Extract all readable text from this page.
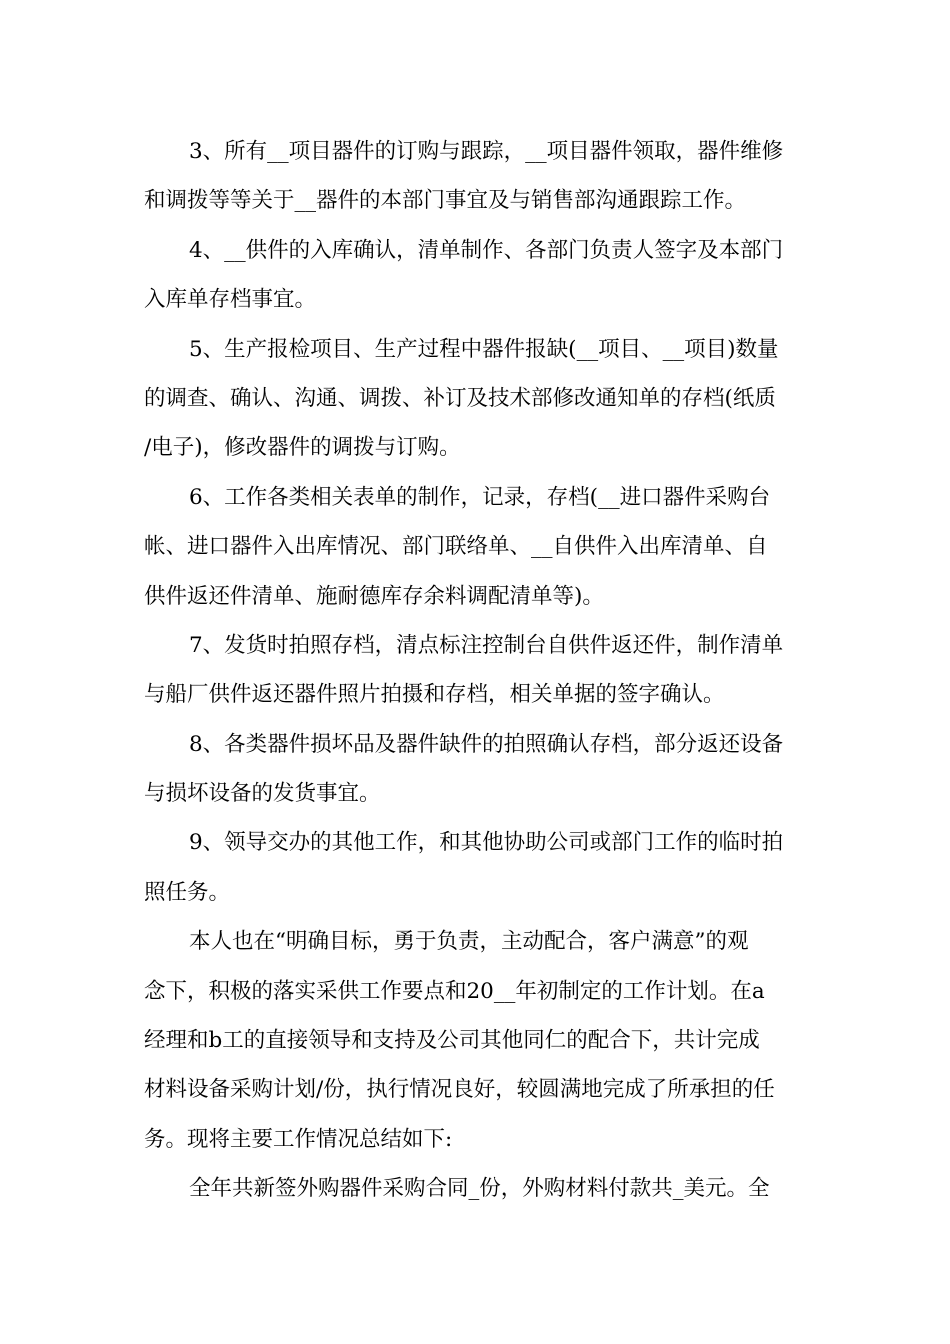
3、所有__项目器件的订购与跟踪，__项目器件领取，器件维修
和调拨等等关于__器件的本部门事宜及与销售部沟通跟踪工作。
4、__供件的入库确认，清单制作、各部门负责人签字及本部门
入库单存档事宜。
5、生产报检项目、生产过程中器件报缺(__项目、__项目)数量
的调查、确认、沟通、调拨、补订及技术部修改通知单的存档(纸质
/电子)，修改器件的调拨与订购。
6、工作各类相关表单的制作，记录，存档(__进口器件采购台
帐、进口器件入出库情况、部门联络单、__自供件入出库清单、自
供件返还件清单、施耐德库存余料调配清单等)。
7、发货时拍照存档，清点标注控制台自供件返还件，制作清单
与船厂供件返还器件照片拍摄和存档，相关单据的签字确认。
8、各类器件损坏品及器件缺件的拍照确认存档，部分返还设备
与损坏设备的发货事宜。
9、领导交办的其他工作，和其他协助公司或部门工作的临时拍
照任务。
本人也在“明确目标，勇于负责，主动配合，客户满意”的观
念下，积极的落实采供工作要点和20__年初制定的工作计划。在a
经理和b工的直接领导和支持及公司其他同仁的配合下，共计完成
材料设备采购计划/份，执行情况良好，较圆满地完成了所承担的任
务。现将主要工作情况总结如下:
全年共新签外购器件采购合同_份，外购材料付款共_美元。全
